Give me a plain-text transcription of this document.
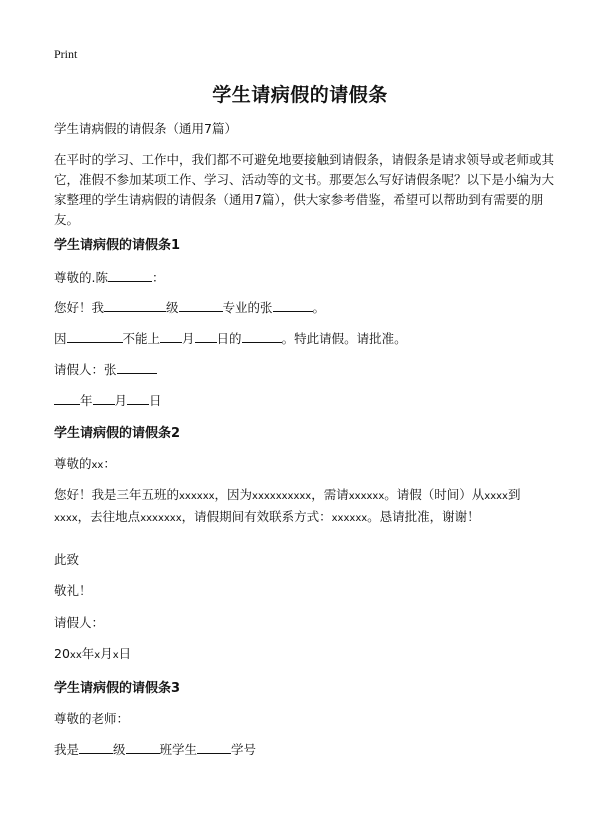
Print
学生请病假的请假条
学生请病假的请假条（通用7篇）

在平时的学习、工作中，我们都不可避免地要接触到请假条，请假条是请求领导或老师或其它，准假不参加某项工作、学习、活动等的文书。那要怎么写好请假条呢？以下是小编为大家整理的学生请病假的请假条（通用7篇），供大家参考借鉴，希望可以帮助到有需要的朋友。

学生请病假的请假条1
尊敬的.陈	：
您好！我	级	专业的张	。
因	不能上 月 日的	。特此请假。请批准。
请假人：张
年 月 日
学生请病假的请假条2
尊敬的xx：

您好！我是三年五班的xxxxxx，因为xxxxxxxxxx，需请xxxxxx。请假（时间）从xxxx到xxxx，去往地点xxxxxxx，请假期间有效联系方式：xxxxxx。恳请批准，谢谢！

此致
敬礼！
请假人：
20xx年x月x日
学生请病假的请假条3
尊敬的老师：
我是	级	班学生	学号
